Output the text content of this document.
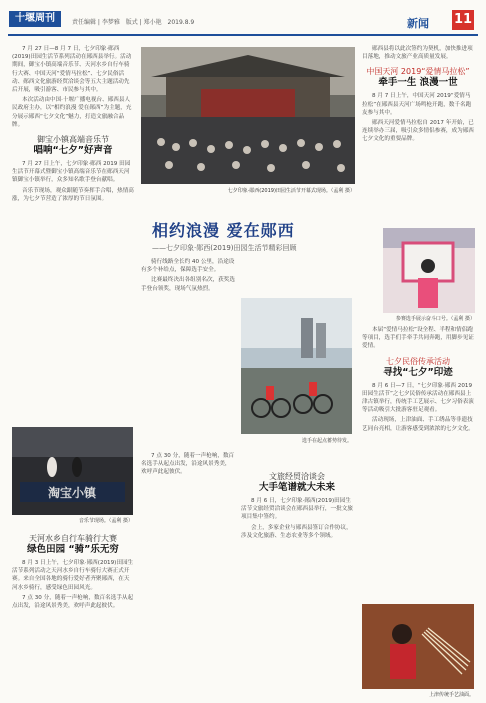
十堰周刊	责任编辑 | 李梦雅 版式 | 郑小艳 2019.8.9	新闻 11
七夕印象·郧西(2019)田园生活节开幕式现场。（孟利 摄）

7 月 27 日—8 月 7 日，七夕印象·郧西(2019)田园生活节系列活动在郧西县举行。活动期间，御宝小镇高端音乐节、天河水乡自行车骑行大赛、中国天河“爱情马拉松”、七夕民俗活动、郧西文化旅游经贸洽谈会等五大主题活动先后开展，吸引游客、市民参与其中。

本次活动由中国·十堰广播电视台、郧西县人民政府主办，以“相约浪漫 爱在郧西”为主题，充分展示郧西“七夕文化”魅力，打造文旅融合品牌。

御宝小镇高端音乐节
唱响“七夕”好声音

7 月 27 日上午，七夕印象·郧西 2019 田园生活节开幕式暨御宝小镇高端音乐节在郧西天河镇御宝小镇举行，众多知名歌手登台献唱。

音乐节现场，观众跟随节奏挥手合唱，热情高涨，为七夕节营造了浓厚的节日氛围。

淘宝小镇
音乐节现场。（孟利 摄）
天河水乡自行车骑行大赛
绿色田园 “骑”乐无穷

8 月 3 日上午，七夕印象·郧西(2019)田园生活节系列活动之天河水乡自行车骑行大赛正式开赛。来自全国各地的骑行爱好者齐聚郧西，在天河水乡骑行，感受绿色田园风光。

7 点 30 分，随着一声枪响，数百名选手从起点出发，沿途风景秀美，欢呼声此起彼伏。

相约浪漫 爱在郧西
——七夕印象·郧西(2019)田园生活节精彩回顾
选手在起点蓄势待发。

骑行线路全长约 40 公里，沿途设有多个补给点，保障选手安全。

比赛最终决出各组别名次，获奖选手登台领奖，现场气氛热烈。

文旅经贸洽谈会
大手笔谱就大未来

8 月 6 日，七夕印象·郧西(2019)田园生活节文旅经贸洽谈会在郧西县举行，一批文旅项目集中签约。

会上，多家企业与郧西县签订合作协议，涉及文化旅游、生态农业等多个领域。

7 点 30 分，随着一声枪响，数百名选手从起点出发，沿途风景秀美，欢呼声此起彼伏。

郧西县将以此次签约为契机，加快推进项目落地，推动文旅产业高质量发展。

中国天河 2019“爱情马拉松”
牵手一生 浪漫一世

8 月 7 日上午，中国天河 2019“爱情马拉松”在郧西县天河广场鸣枪开跑，数千名跑友参与其中。

郧西天河爱情马拉松自 2017 年开始，已连续举办三届，吸引众多情侣参赛，成为郧西七夕文化的重要品牌。

参赛选手展示奋斗口号。（孟利 摄）

本届“爱情马拉松”设全程、半程和情侣跑等项目，选手们手牵手共同奔跑，用脚步见证爱情。

七夕民俗传承活动
寻找“七夕”印迹

8 月 6 日—7 日，“七夕印象·郧西 2019 田园生活节”之七夕民俗传承活动在郧西县上津古镇举行，传统手工艺展示、七夕习俗表演等活动吸引大批游客驻足观看。

活动现场，上津油面、手工绣品等非遗技艺同台亮相，让游客感受到浓浓的七夕文化。

上津传统手艺油面。
